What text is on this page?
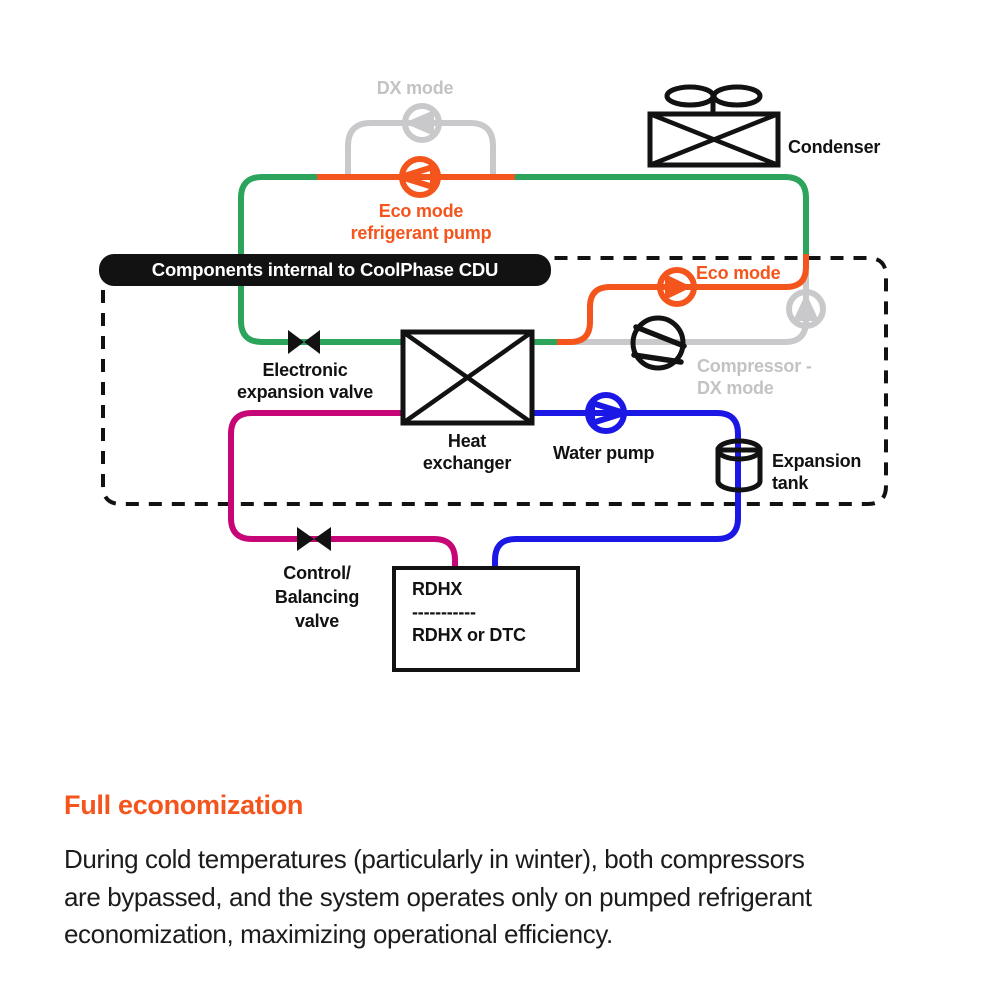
Components internal to CoolPhase CDU
DX mode
Condenser
Eco mode
refrigerant pump
Eco mode
Compressor -
DX mode
Electronic
expansion valve
Heat
exchanger	Water pump	Expansion
tank
Control/
Balancing
valve
RDHX
-----------
RDHX or DTC
Full economization

During cold temperatures (particularly in winter), both compressors
are bypassed, and the system operates only on pumped refrigerant
economization, maximizing operational efficiency.
